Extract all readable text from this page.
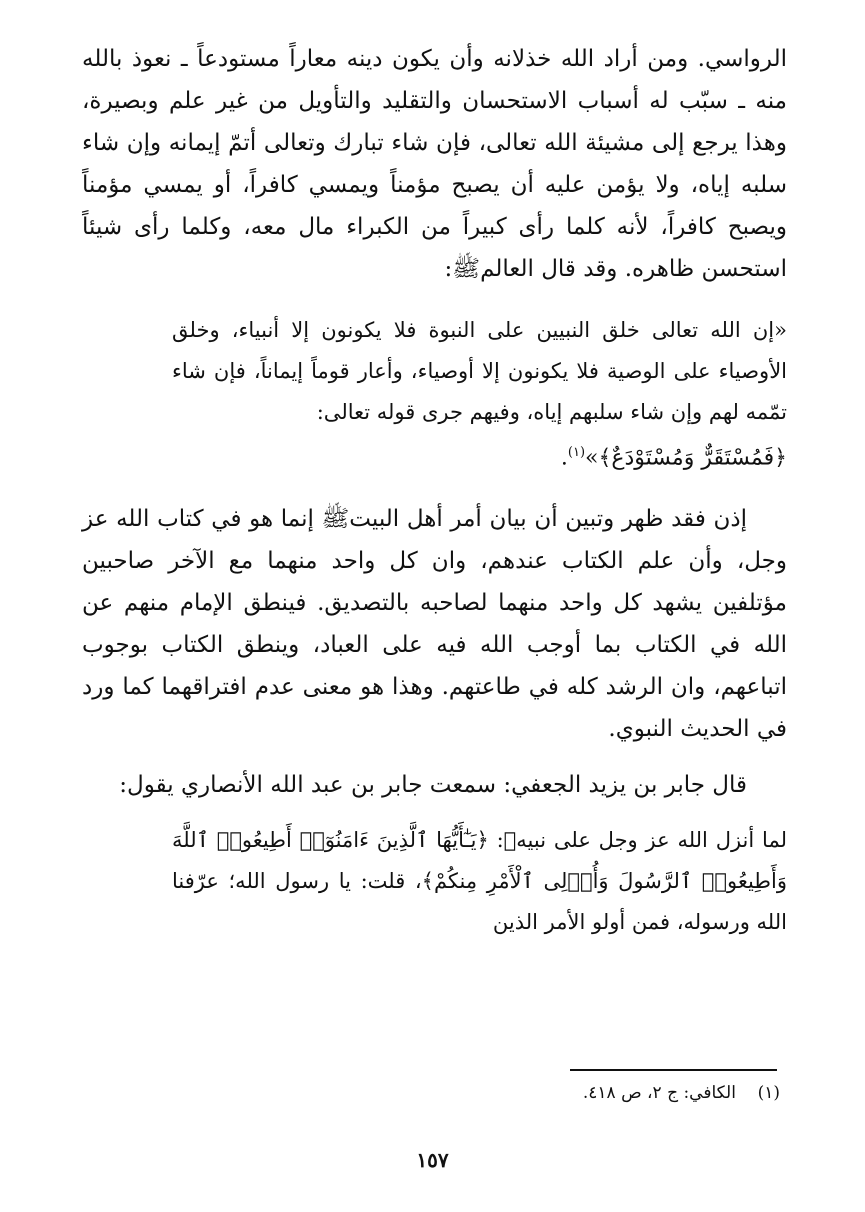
الرواسي. ومن أراد الله خذلانه وأن يكون دينه معاراً مستودعاً ـ نعوذ بالله منه ـ سبّب له أسباب الاستحسان والتقليد والتأويل من غير علم وبصيرة، وهذا يرجع إلى مشيئة الله تعالى، فإن شاء تبارك وتعالى أتمّ إيمانه وإن شاء سلبه إياه، ولا يؤمن عليه أن يصبح مؤمناً ويمسي كافراً، أو يمسي مؤمناً ويصبح كافراً، لأنه كلما رأى كبيراً من الكبراء مال معه، وكلما رأى شيئاً استحسن ظاهره. وقد قال العالمﷺ:

«إن الله تعالى خلق النبيين على النبوة فلا يكونون إلا أنبياء، وخلق الأوصياء على الوصية فلا يكونون إلا أوصياء، وأعار قوماً إيماناً، فإن شاء تمّمه لهم وإن شاء سلبهم إياه، وفيهم جرى قوله تعالى:

﴿فَمُسْتَقَرٌّ وَمُسْتَوْدَعٌ﴾»$^{(١)}$.

إذن فقد ظهر وتبين أن بيان أمر أهل البيتﷺ إنما هو في كتاب الله عز وجل، وأن علم الكتاب عندهم، وان كل واحد منهما مع الآخر صاحبين مؤتلفين يشهد كل واحد منهما لصاحبه بالتصديق. فينطق الإمام منهم عن الله في الكتاب بما أوجب الله فيه على العباد، وينطق الكتاب بوجوب اتباعهم، وان الرشد كله في طاعتهم. وهذا هو معنى عدم افتراقهما كما ورد في الحديث النبوي.

قال جابر بن يزيد الجعفي: سمعت جابر بن عبد الله الأنصاري يقول:

لما أنزل الله عز وجل على نبيهﷺ: ﴿يَـٰٓأَيُّهَا ٱلَّذِينَ ءَامَنُوٓا۟ أَطِيعُوا۟ ٱللَّهَ وَأَطِيعُوا۟ ٱلرَّسُولَ وَأُو۟لِى ٱلْأَمْرِ مِنكُمْ﴾، قلت: يا رسول الله؛ عرّفنا الله ورسوله، فمن أولو الأمر الذين

(١)    الكافي: ج ٢، ص ٤١٨.
١٥٧
